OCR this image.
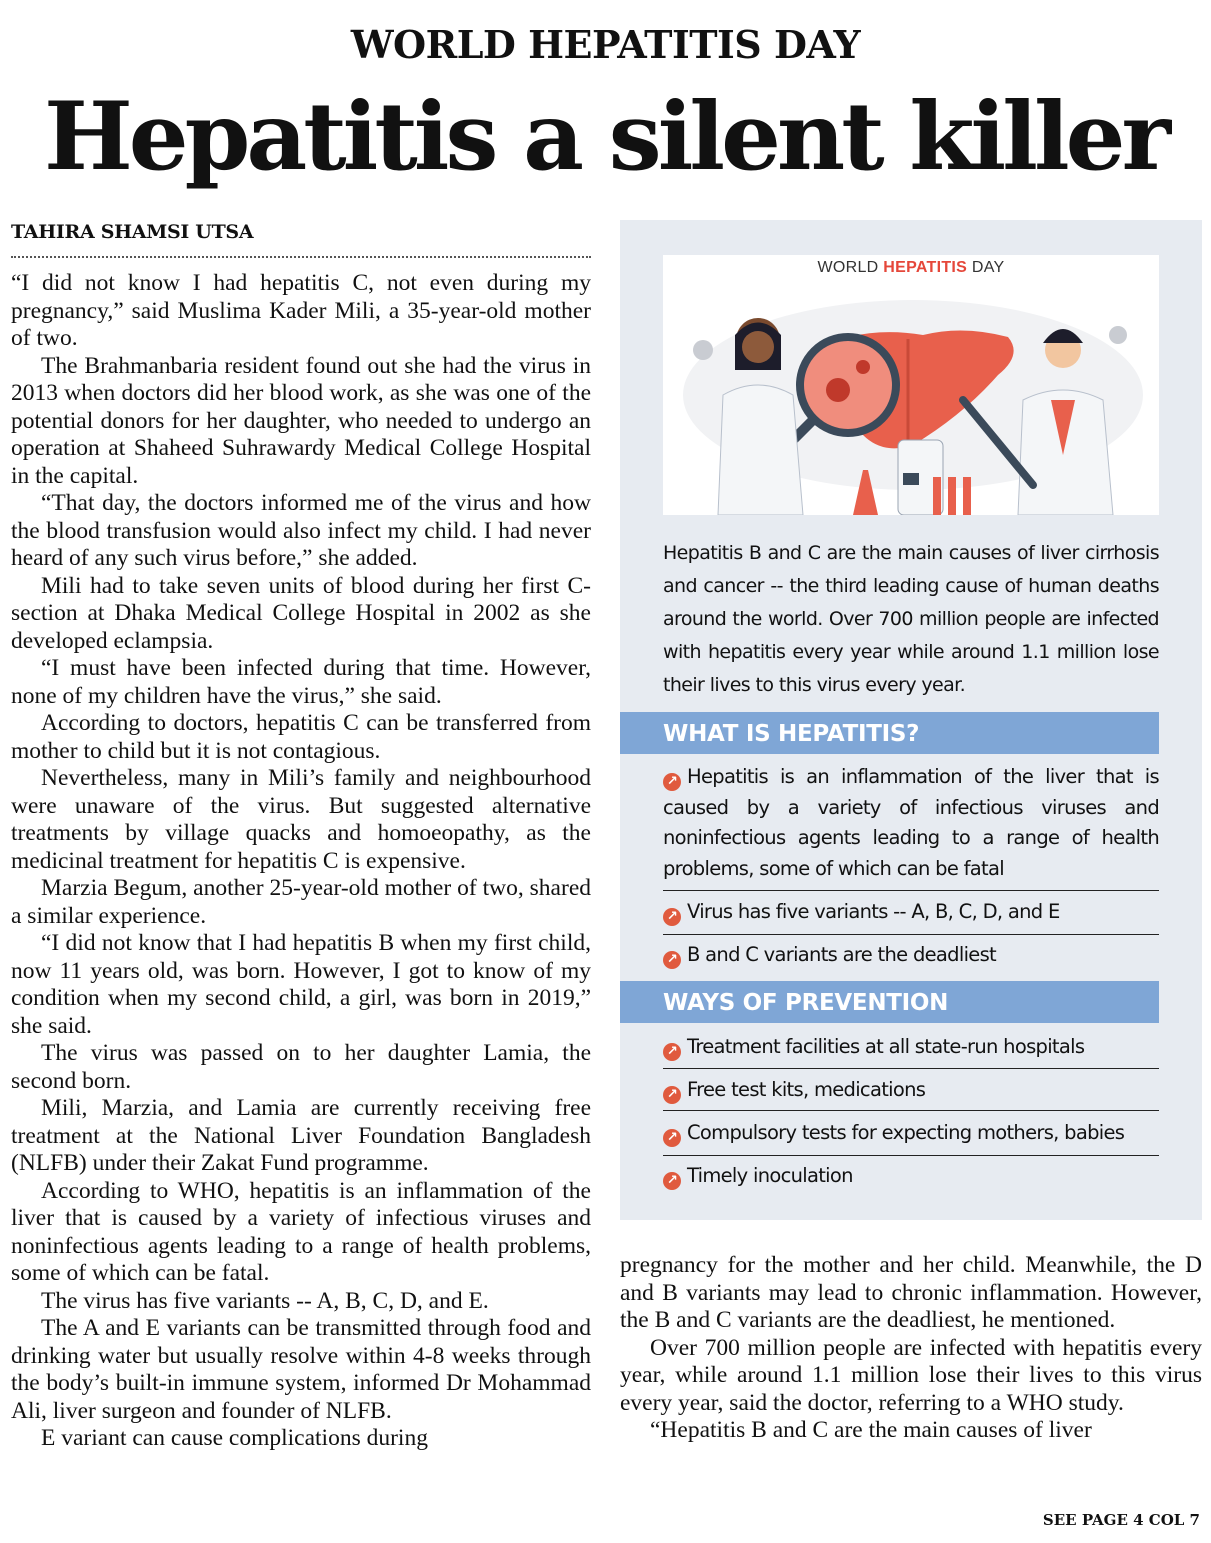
WORLD HEPATITIS DAY
Hepatitis a silent killer
TAHIRA SHAMSI UTSA

“I did not know I had hepatitis C, not even during my pregnancy,” said Muslima Kader Mili, a 35-year-old mother of two.

The Brahmanbaria resident found out she had the virus in 2013 when doctors did her blood work, as she was one of the potential donors for her daughter, who needed to undergo an operation at Shaheed Suhrawardy Medical College Hospital in the capital.

“That day, the doctors informed me of the virus and how the blood transfusion would also infect my child. I had never heard of any such virus before,” she added.

Mili had to take seven units of blood during her first C-section at Dhaka Medical College Hospital in 2002 as she developed eclampsia.

“I must have been infected during that time. However, none of my children have the virus,” she said.

According to doctors, hepatitis C can be transferred from mother to child but it is not contagious.

Nevertheless, many in Mili’s family and neighbourhood were unaware of the virus. But suggested alternative treatments by village quacks and homoeopathy, as the medicinal treatment for hepatitis C is expensive.

Marzia Begum, another 25-year-old mother of two, shared a similar experience.

“I did not know that I had hepatitis B when my first child, now 11 years old, was born. However, I got to know of my condition when my second child, a girl, was born in 2019,” she said.

The virus was passed on to her daughter Lamia, the second born.

Mili, Marzia, and Lamia are currently receiving free treatment at the National Liver Foundation Bangladesh (NLFB) under their Zakat Fund programme.

According to WHO, hepatitis is an inflammation of the liver that is caused by a variety of infectious viruses and noninfectious agents leading to a range of health problems, some of which can be fatal.

The virus has five variants -- A, B, C, D, and E.

The A and E variants can be transmitted through food and drinking water but usually resolve within 4-8 weeks through the body’s built-in immune system, informed Dr Mohammad Ali, liver surgeon and founder of NLFB.

E variant can cause complications during

WORLD HEPATITIS DAY
Hepatitis B and C are the main causes of liver cirrhosis and cancer -- the third leading cause of human deaths around the world. Over 700 million people are infected with hepatitis every year while around 1.1 million lose their lives to this virus every year.
WHAT IS HEPATITIS?
↗ Hepatitis is an inflammation of the liver that is caused by a variety of infectious viruses and noninfectious agents leading to a range of health problems, some of which can be fatal
↗ Virus has five variants -- A, B, C, D, and E
↗ B and C variants are the deadliest
WAYS OF PREVENTION
↗ Treatment facilities at all state-run hospitals
↗ Free test kits, medications
↗ Compulsory tests for expecting mothers, babies
↗ Timely inoculation

pregnancy for the mother and her child. Meanwhile, the D and B variants may lead to chronic inflammation. However, the B and C variants are the deadliest, he mentioned.

Over 700 million people are infected with hepatitis every year, while around 1.1 million lose their lives to this virus every year, said the doctor, referring to a WHO study.

“Hepatitis B and C are the main causes of liver

SEE PAGE 4 COL 7
